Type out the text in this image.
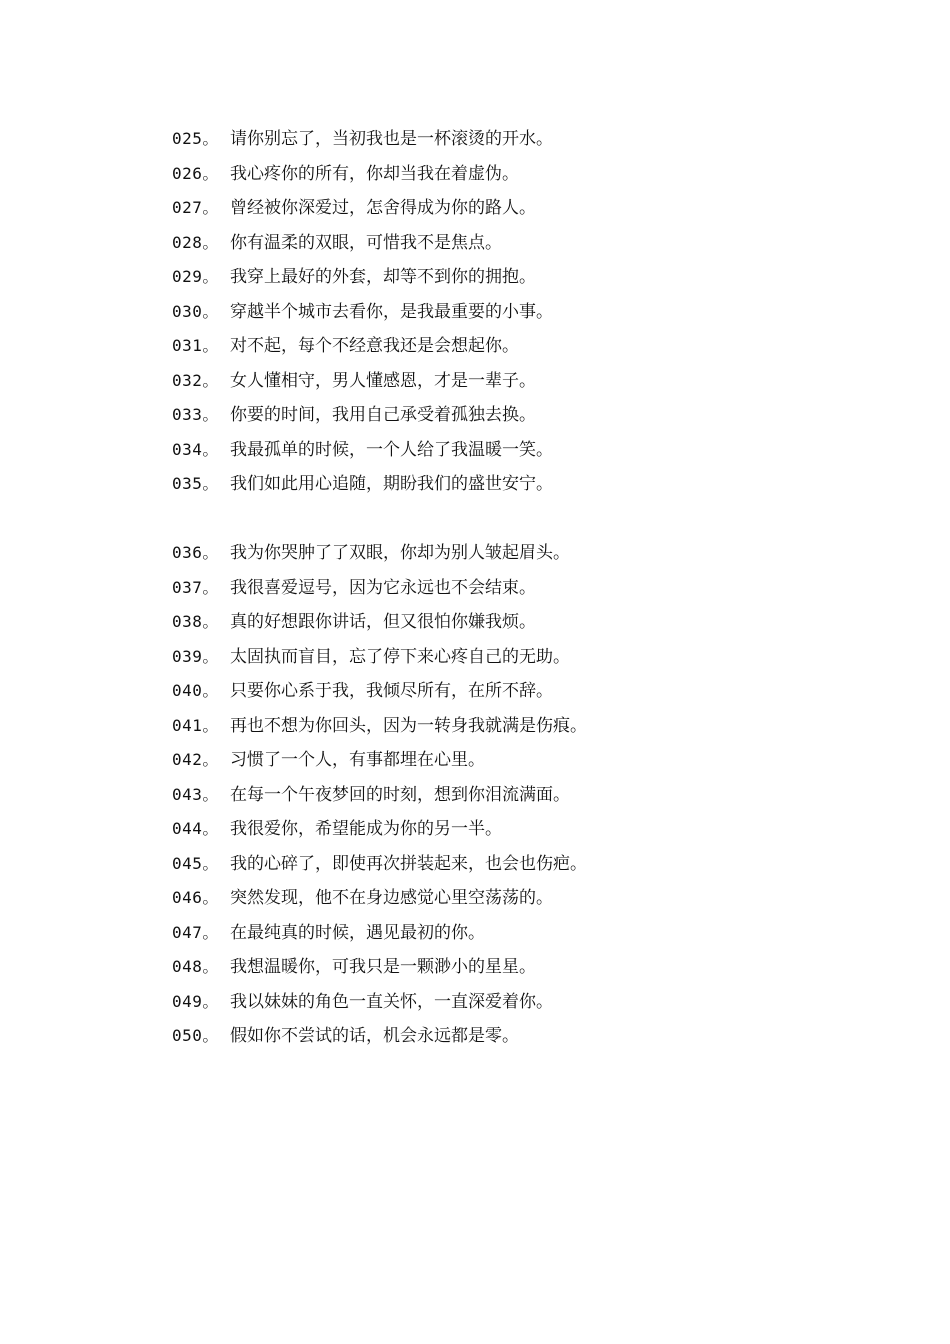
025。 请你别忘了，当初我也是一杯滚烫的开水。
026。 我心疼你的所有，你却当我在着虚伪。
027。 曾经被你深爱过，怎舍得成为你的路人。
028。 你有温柔的双眼，可惜我不是焦点。
029。 我穿上最好的外套，却等不到你的拥抱。
030。 穿越半个城市去看你，是我最重要的小事。
031。 对不起，每个不经意我还是会想起你。
032。 女人懂相守，男人懂感恩，才是一辈子。
033。 你要的时间，我用自己承受着孤独去换。
034。 我最孤单的时候，一个人给了我温暖一笑。
035。 我们如此用心追随，期盼我们的盛世安宁。
036。 我为你哭肿了了双眼，你却为别人皱起眉头。
037。 我很喜爱逗号，因为它永远也不会结束。
038。 真的好想跟你讲话，但又很怕你嫌我烦。
039。 太固执而盲目，忘了停下来心疼自己的无助。
040。 只要你心系于我，我倾尽所有，在所不辞。
041。 再也不想为你回头，因为一转身我就满是伤痕。
042。 习惯了一个人，有事都埋在心里。
043。 在每一个午夜梦回的时刻，想到你泪流满面。
044。 我很爱你，希望能成为你的另一半。
045。 我的心碎了，即使再次拼装起来，也会也伤疤。
046。 突然发现，他不在身边感觉心里空荡荡的。
047。 在最纯真的时候，遇见最初的你。
048。 我想温暖你，可我只是一颗渺小的星星。
049。 我以妹妹的角色一直关怀，一直深爱着你。
050。 假如你不尝试的话，机会永远都是零。
